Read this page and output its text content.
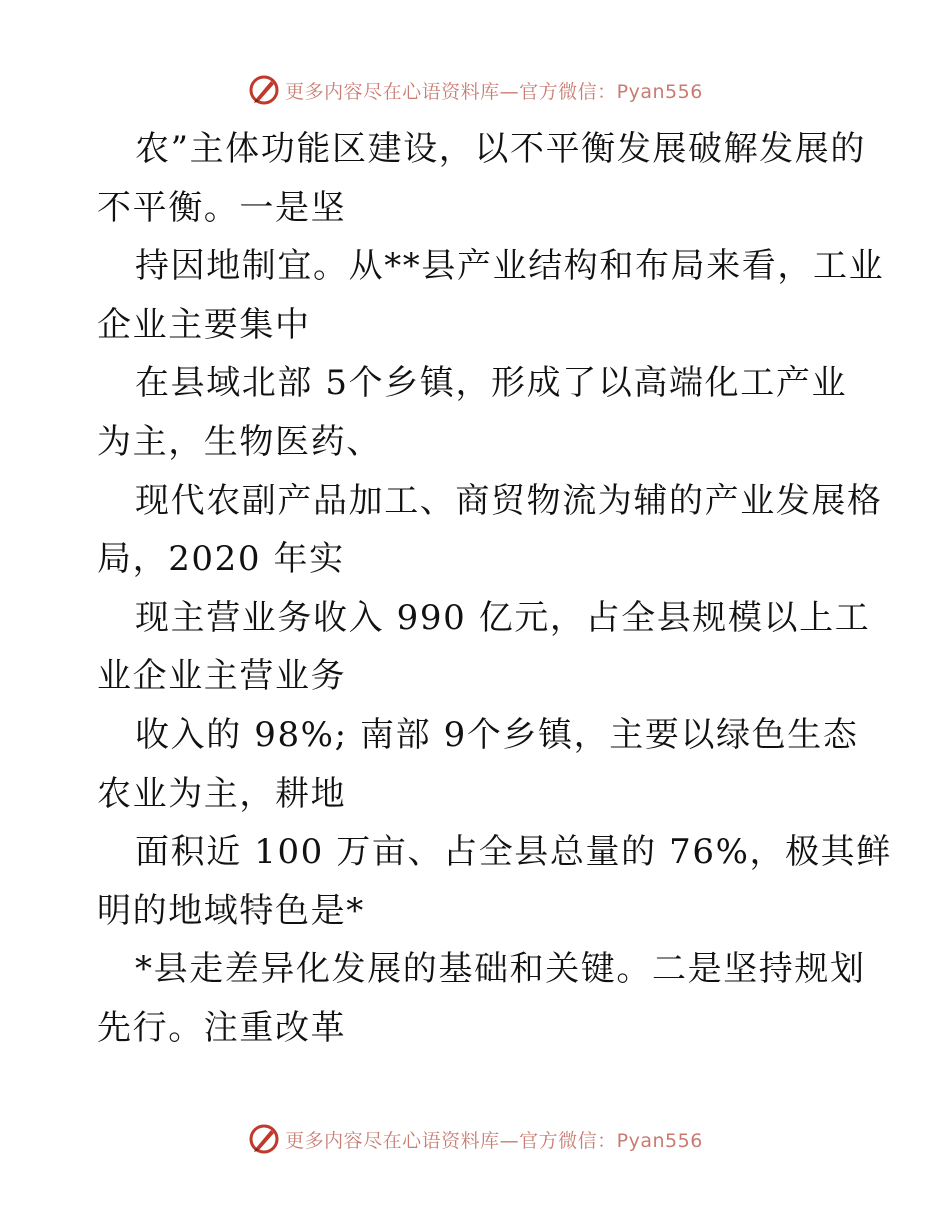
更多内容尽在心语资料库—官方微信：Pyan556
农”主体功能区建设，以不平衡发展破解发展的
不平衡。一是坚
持因地制宜。从**县产业结构和布局来看，工业
企业主要集中
在县域北部 5个乡镇，形成了以高端化工产业
为主，生物医药、
现代农副产品加工、商贸物流为辅的产业发展格
局，2020 年实
现主营业务收入 990 亿元，占全县规模以上工
业企业主营业务
收入的 98%; 南部 9个乡镇，主要以绿色生态
农业为主，耕地
面积近 100 万亩、占全县总量的 76%，极其鲜
明的地域特色是*
*县走差异化发展的基础和关键。二是坚持规划
先行。注重改革
更多内容尽在心语资料库—官方微信：Pyan556
